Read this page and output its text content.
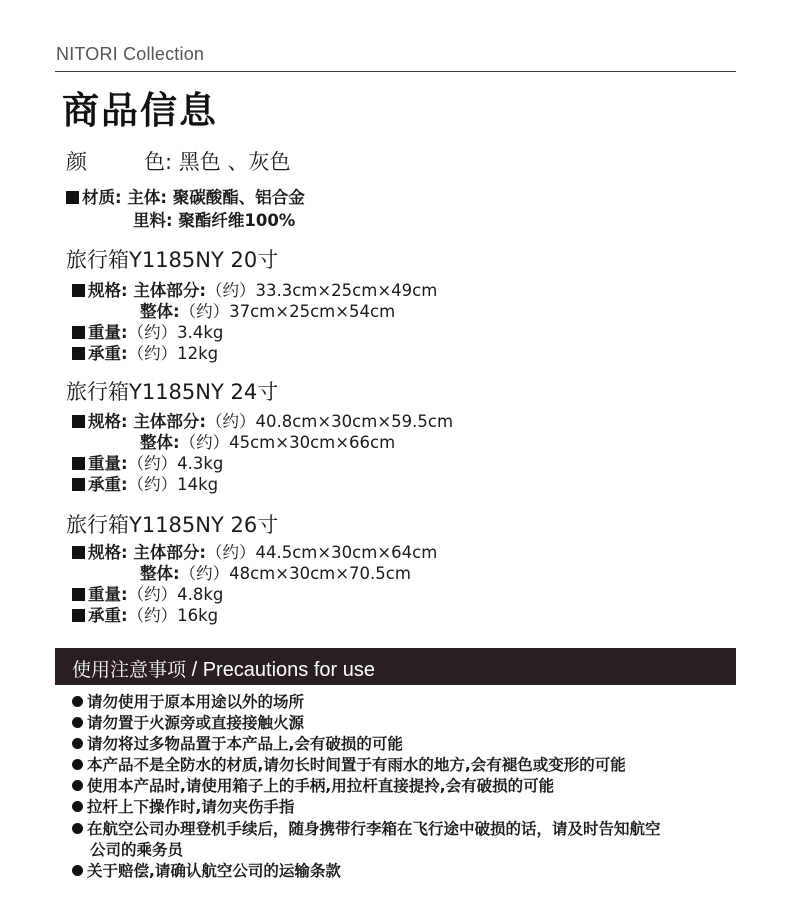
NITORI Collection
商品信息
颜	色: 黑色 、灰色
材质: 主体: 聚碳酸酯、铝合金
里料: 聚酯纤维100%
旅行箱Y1185NY 20寸
规格: 主体部分:（约）33.3cm×25cm×49cm
整体:（约）37cm×25cm×54cm
重量:（约）3.4kg
承重:（约）12kg
旅行箱Y1185NY 24寸
规格: 主体部分:（约）40.8cm×30cm×59.5cm
整体:（约）45cm×30cm×66cm
重量:（约）4.3kg
承重:（约）14kg
旅行箱Y1185NY 26寸
规格: 主体部分:（约）44.5cm×30cm×64cm
整体:（约）48cm×30cm×70.5cm
重量:（约）4.8kg
承重:（约）16kg
使用注意事项 / Precautions for use
请勿使用于原本用途以外的场所
请勿置于火源旁或直接接触火源
请勿将过多物品置于本产品上,会有破损的可能
本产品不是全防水的材质,请勿长时间置于有雨水的地方,会有褪色或变形的可能
使用本产品时,请使用箱子上的手柄,用拉杆直接提拎,会有破损的可能
拉杆上下操作时,请勿夹伤手指
在航空公司办理登机手续后，随身携带行李箱在飞行途中破损的话，请及时告知航空
公司的乘务员
关于赔偿,请确认航空公司的运输条款
